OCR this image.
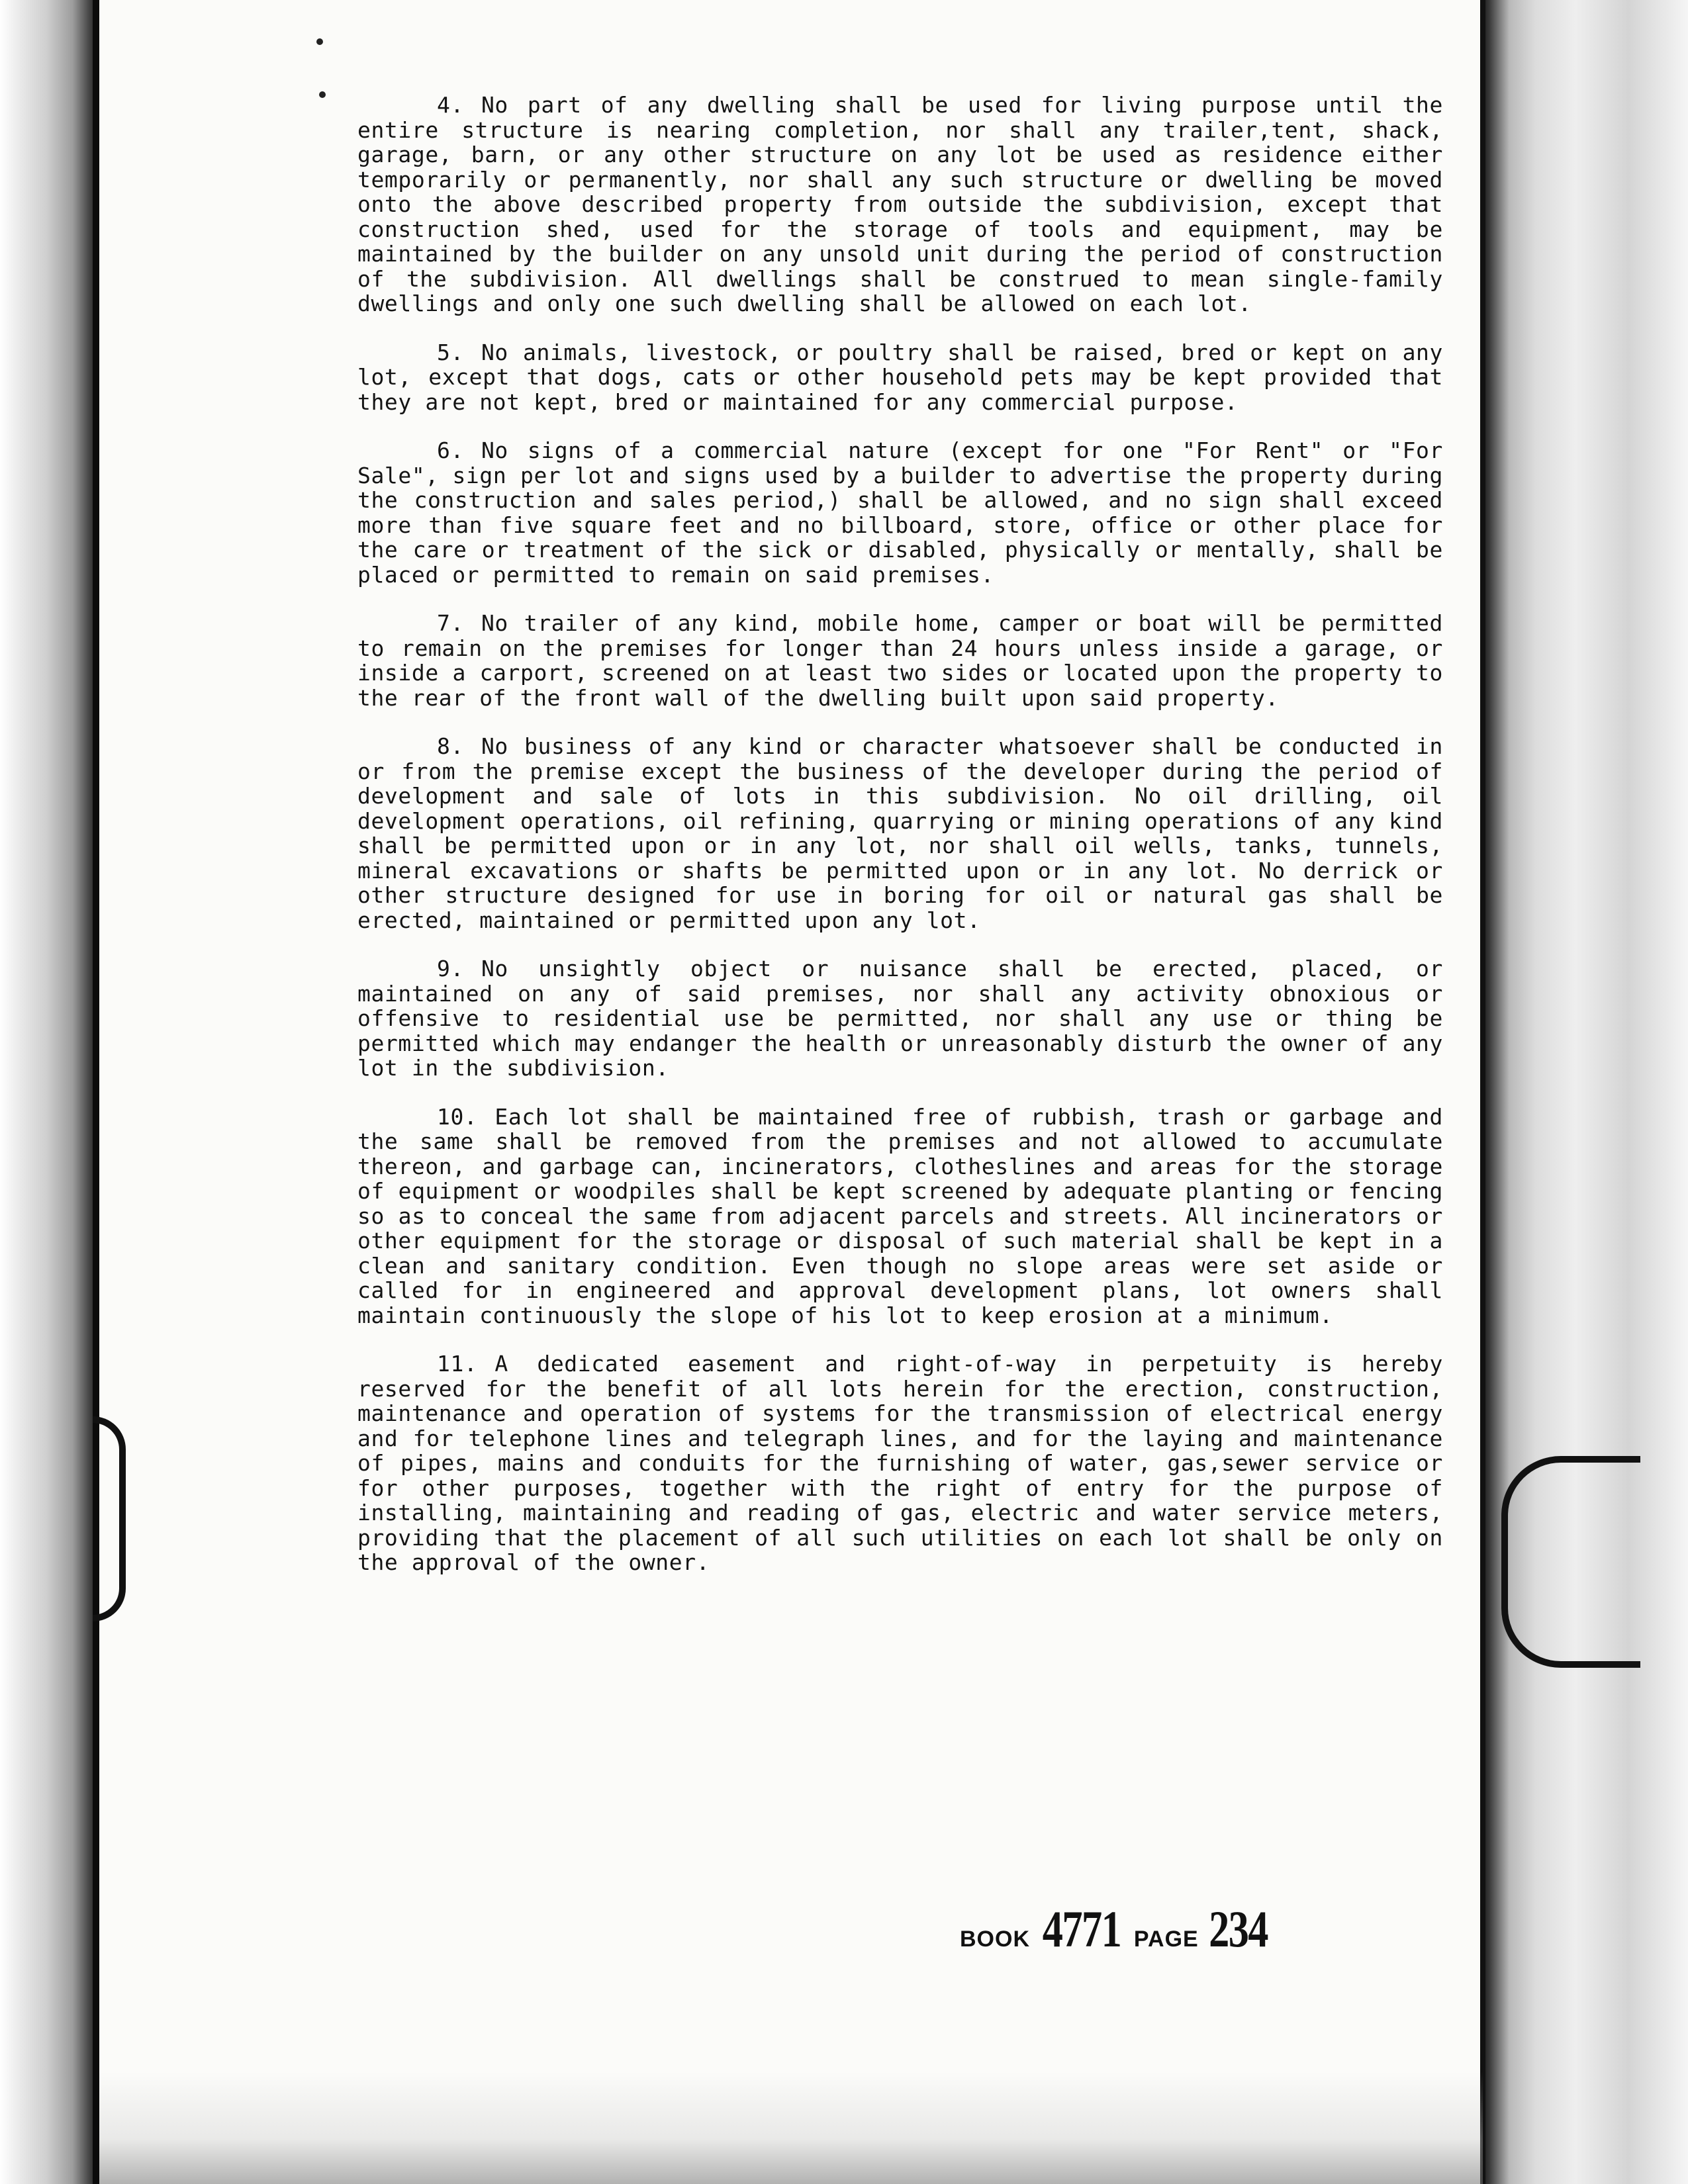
4. No part of any dwelling shall be used for living purpose until the entire structure is nearing completion, nor shall any trailer,tent, shack, garage, barn, or any other structure on any lot be used as residence either temporarily or permanently, nor shall any such structure or dwelling be moved onto the above described property from outside the subdivision, except that construction shed, used for the storage of tools and equipment, may be maintained by the builder on any unsold unit during the period of construction of the subdivision. All dwellings shall be construed to mean single-family dwellings and only one such dwelling shall be allowed on each lot.

5. No animals, livestock, or poultry shall be raised, bred or kept on any lot, except that dogs, cats or other household pets may be kept provided that they are not kept, bred or maintained for any commercial purpose.

6. No signs of a commercial nature (except for one "For Rent" or "For Sale", sign per lot and signs used by a builder to advertise the property during the construction and sales period,) shall be allowed, and no sign shall exceed more than five square feet and no billboard, store, office or other place for the care or treatment of the sick or disabled, physically or mentally, shall be placed or permitted to remain on said premises.

7. No trailer of any kind, mobile home, camper or boat will be permitted to remain on the premises for longer than 24 hours unless inside a garage, or inside a carport, screened on at least two sides or located upon the property to the rear of the front wall of the dwelling built upon said property.

8. No business of any kind or character whatsoever shall be conducted in or from the premise except the business of the developer during the period of development and sale of lots in this subdivision. No oil drilling, oil development operations, oil refining, quarrying or mining operations of any kind shall be permitted upon or in any lot, nor shall oil wells, tanks, tunnels, mineral excavations or shafts be permitted upon or in any lot. No derrick or other structure designed for use in boring for oil or natural gas shall be erected, maintained or permitted upon any lot.

9. No unsightly object or nuisance shall be erected, placed, or maintained on any of said premises, nor shall any activity obnoxious or offensive to residential use be permitted, nor shall any use or thing be permitted which may endanger the health or unreasonably disturb the owner of any lot in the subdivision.

10. Each lot shall be maintained free of rubbish, trash or garbage and the same shall be removed from the premises and not allowed to accumulate thereon, and garbage can, incinerators, clotheslines and areas for the storage of equipment or woodpiles shall be kept screened by adequate planting or fencing so as to conceal the same from adjacent parcels and streets. All incinerators or other equipment for the storage or disposal of such material shall be kept in a clean and sanitary condition. Even though no slope areas were set aside or called for in engineered and approval development plans, lot owners shall maintain continuously the slope of his lot to keep erosion at a minimum.

11. A dedicated easement and right-of-way in perpetuity is hereby reserved for the benefit of all lots herein for the erection, construction, maintenance and operation of systems for the transmission of electrical energy and for telephone lines and telegraph lines, and for the laying and maintenance of pipes, mains and conduits for the furnishing of water, gas,sewer service or for other purposes, together with the right of entry for the purpose of installing, maintaining and reading of gas, electric and water service meters, providing that the placement of all such utilities on each lot shall be only on the approval of the owner.

BOOK 4771 PAGE 234
